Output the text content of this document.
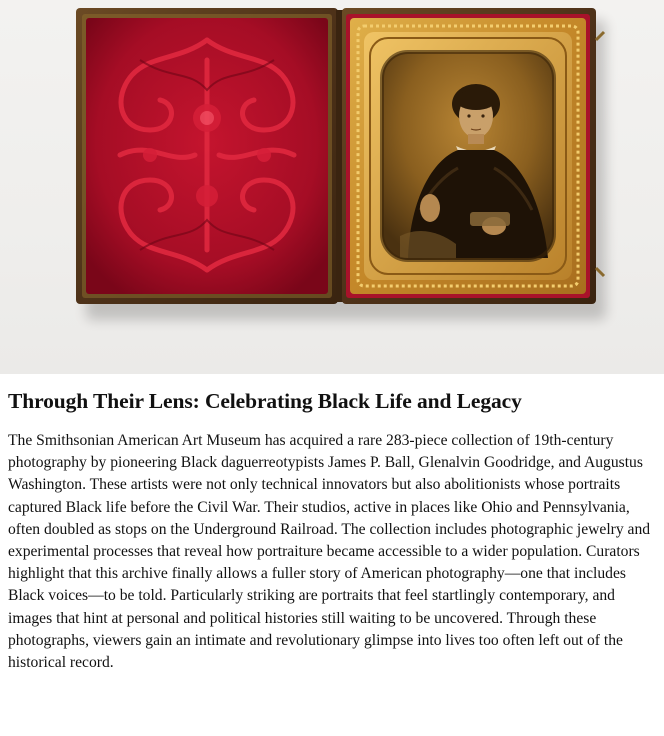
Through Their Lens: Celebrating Black Life and Legacy

The Smithsonian American Art Museum has acquired a rare 283-piece collection of 19th-century photography by pioneering Black daguerreotypists James P. Ball, Glenalvin Goodridge, and Augustus Washington. These artists were not only technical innovators but also abolitionists whose portraits captured Black life before the Civil War. Their studios, active in places like Ohio and Pennsylvania, often doubled as stops on the Underground Railroad. The collection includes photographic jewelry and experimental processes that reveal how portraiture became accessible to a wider population. Curators highlight that this archive finally allows a fuller story of American photography—one that includes Black voices—to be told. Particularly striking are portraits that feel startlingly contemporary, and images that hint at personal and political histories still waiting to be uncovered. Through these photographs, viewers gain an intimate and revolutionary glimpse into lives too often left out of the historical record.
